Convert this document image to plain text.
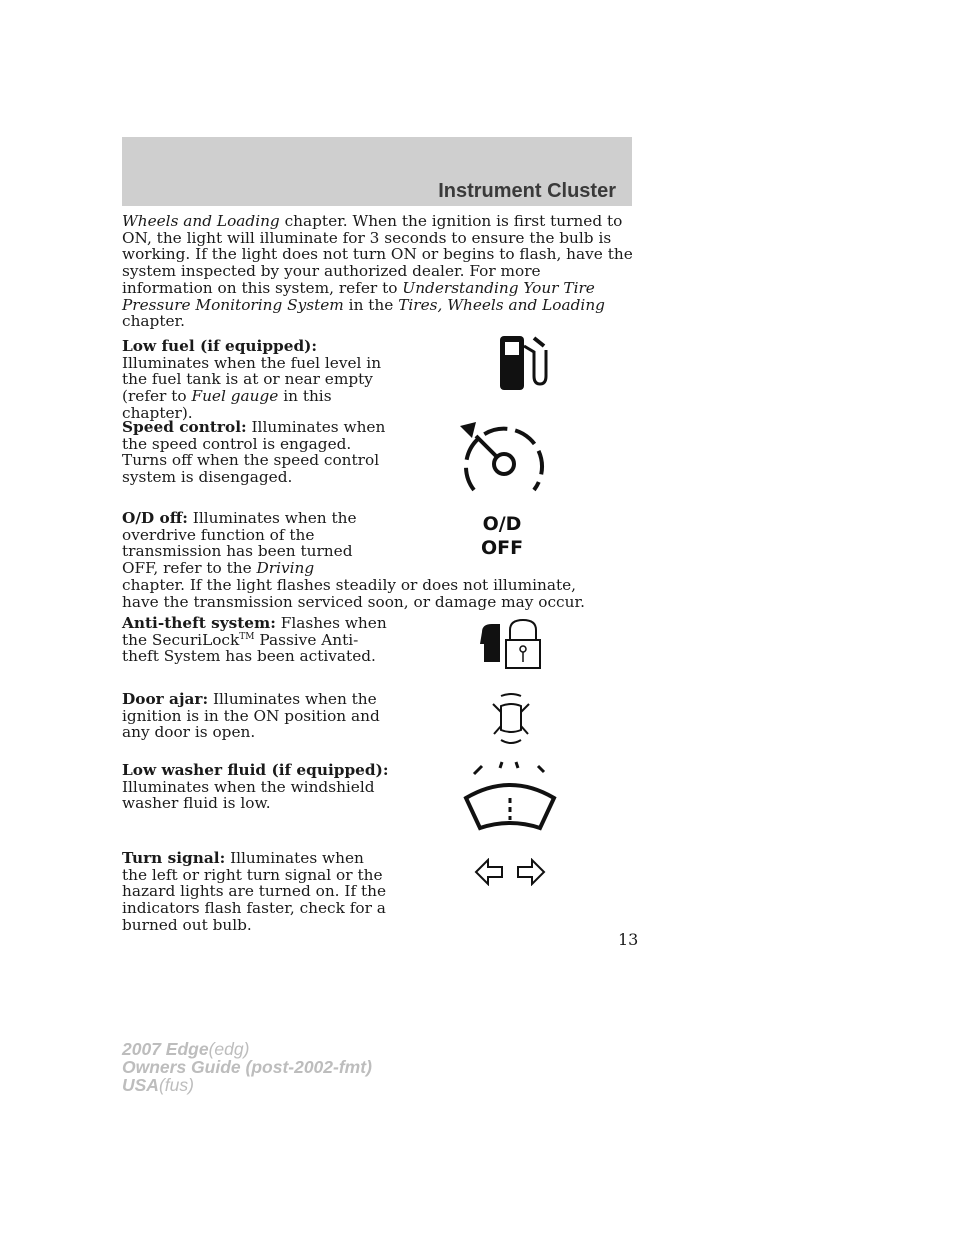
Instrument Cluster
Wheels and Loading chapter. When the ignition is first turned to ON, the light will illuminate for 3 seconds to ensure the bulb is working. If the light does not turn ON or begins to flash, have the system inspected by your authorized dealer. For more information on this system, refer to Understanding Your Tire Pressure Monitoring System in the Tires, Wheels and Loading chapter.
Low fuel (if equipped): Illuminates when the fuel level in the fuel tank is at or near empty (refer to Fuel gauge in this chapter).
Speed control: Illuminates when the speed control is engaged. Turns off when the speed control system is disengaged.
O/D off: Illuminates when the overdrive function of the transmission has been turned OFF, refer to the Driving
chapter. If the light flashes steadily or does not illuminate, have the transmission serviced soon, or damage may occur.
O/D
OFF
Anti-theft system: Flashes when the SecuriLock™ Passive Anti-theft System has been activated.
Door ajar: Illuminates when the ignition is in the ON position and any door is open.
Low washer fluid (if equipped): Illuminates when the windshield washer fluid is low.
Turn signal: Illuminates when the left or right turn signal or the hazard lights are turned on. If the indicators flash faster, check for a burned out bulb.
13
2007 Edge(edg)
Owners Guide (post-2002-fmt)
USA(fus)
